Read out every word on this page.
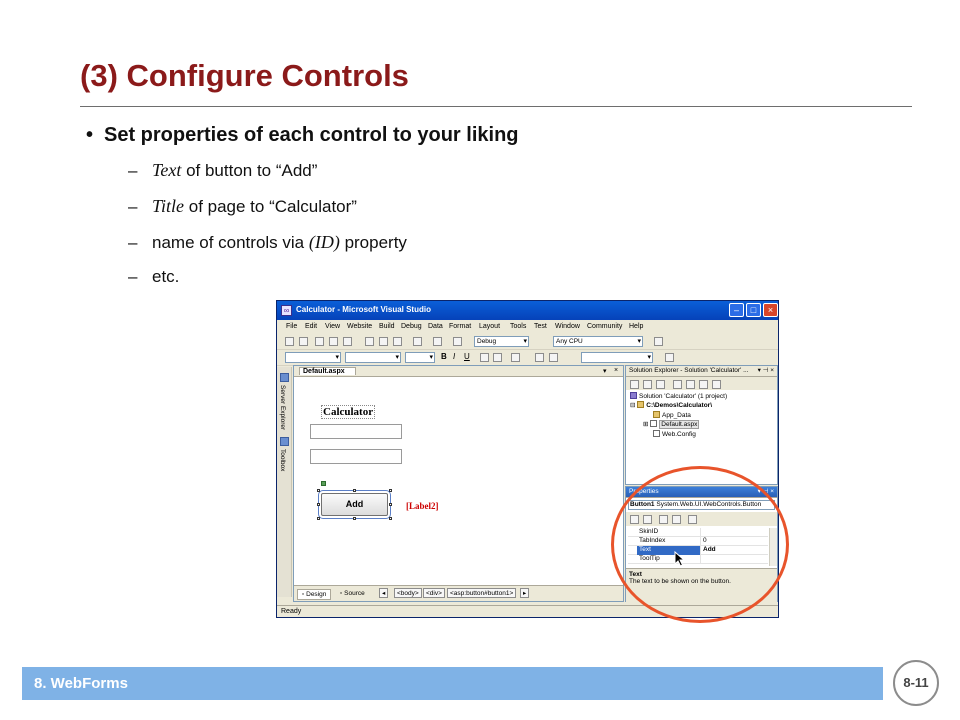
(3) Configure Controls
• Set properties of each control to your liking
– Text of button to “Add”
– Title of page to “Calculator”
– name of controls via (ID) property
– etc.
∞ Calculator - Microsoft Visual Studio	–	□	×
File Edit View Website Build Debug Data Format Layout Tools Test Window Community Help
Debug ▾	Any CPU ▾
▾
▾
▾
B I U
▾
Server Explorer
Toolbox
Default.aspx	▾ ×
Calculator
Add	[Label2]
▫ Design	▫ Source	◂	<body>	<div>	<asp:button#button1>	▸
Solution Explorer - Solution 'Calculator' ... ▾ ⊣ ×
Solution 'Calculator' (1 project)
⊟ C:\Demos\Calculator\
App_Data
⊞ Default.aspx
Web.Config
Properties	▾ ⊣ ×
Button1 System.Web.UI.WebControls.Button
SkinID
TabIndex	0
Text	Add
ToolTip
Text
The text to be shown on the button.
Ready
8. WebForms	8-11
